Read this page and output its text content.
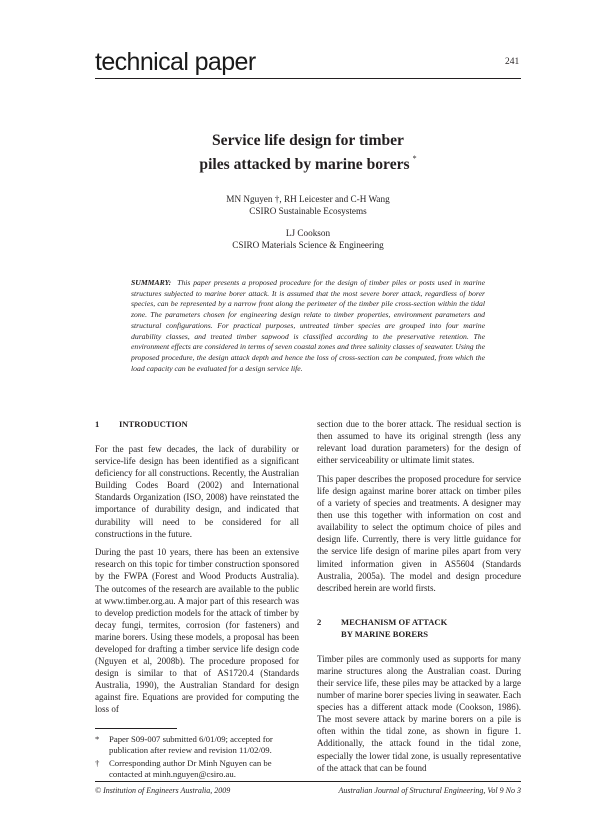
technical paper	241
Service life design for timber
piles attacked by marine borers *
MN Nguyen †, RH Leicester and C-H Wang
CSIRO Sustainable Ecosystems
LJ Cookson
CSIRO Materials Science & Engineering
SUMMARY: This paper presents a proposed procedure for the design of timber piles or posts used in marine structures subjected to marine borer attack. It is assumed that the most severe borer attack, regardless of borer species, can be represented by a narrow front along the perimeter of the timber pile cross-section within the tidal zone. The parameters chosen for engineering design relate to timber properties, environment parameters and structural configurations. For practical purposes, untreated timber species are grouped into four marine durability classes, and treated timber sapwood is classified according to the preservative retention. The environment effects are considered in terms of seven coastal zones and three salinity classes of seawater. Using the proposed procedure, the design attack depth and hence the loss of cross-section can be computed, from which the load capacity can be evaluated for a design service life.
1	INTRODUCTION

For the past few decades, the lack of durability or service-life design has been identified as a significant deficiency for all constructions. Recently, the Australian Building Codes Board (2002) and International Standards Organization (ISO, 2008) have reinstated the importance of durability design, and indicated that durability will need to be considered for all constructions in the future.

During the past 10 years, there has been an extensive research on this topic for timber construction sponsored by the FWPA (Forest and Wood Products Australia). The outcomes of the research are available to the public at www.timber.org.au. A major part of this research was to develop prediction models for the attack of timber by decay fungi, termites, corrosion (for fasteners) and marine borers. Using these models, a proposal has been developed for drafting a timber service life design code (Nguyen et al, 2008b). The procedure proposed for design is similar to that of AS1720.4 (Standards Australia, 1990), the Australian Standard for design against fire. Equations are provided for computing the loss of

section due to the borer attack. The residual section is then assumed to have its original strength (less any relevant load duration parameters) for the design of either serviceability or ultimate limit states.

This paper describes the proposed procedure for service life design against marine borer attack on timber piles of a variety of species and treatments. A designer may then use this together with information on cost and availability to select the optimum choice of piles and design life. Currently, there is very little guidance for the service life design of marine piles apart from very limited information given in AS5604 (Standards Australia, 2005a). The model and design procedure described herein are world firsts.

2	MECHANISM OF ATTACK
BY MARINE BORERS

Timber piles are commonly used as supports for many marine structures along the Australian coast. During their service life, these piles may be attacked by a large number of marine borer species living in seawater. Each species has a different attack mode (Cookson, 1986). The most severe attack by marine borers on a pile is often within the tidal zone, as shown in figure 1. Additionally, the attack found in the tidal zone, especially the lower tidal zone, is usually representative of the attack that can be found

*	Paper S09-007 submitted 6/01/09; accepted for publication after review and revision 11/02/09.
†	Corresponding author Dr Minh Nguyen can be contacted at minh.nguyen@csiro.au.
© Institution of Engineers Australia, 2009	Australian Journal of Structural Engineering, Vol 9 No 3
